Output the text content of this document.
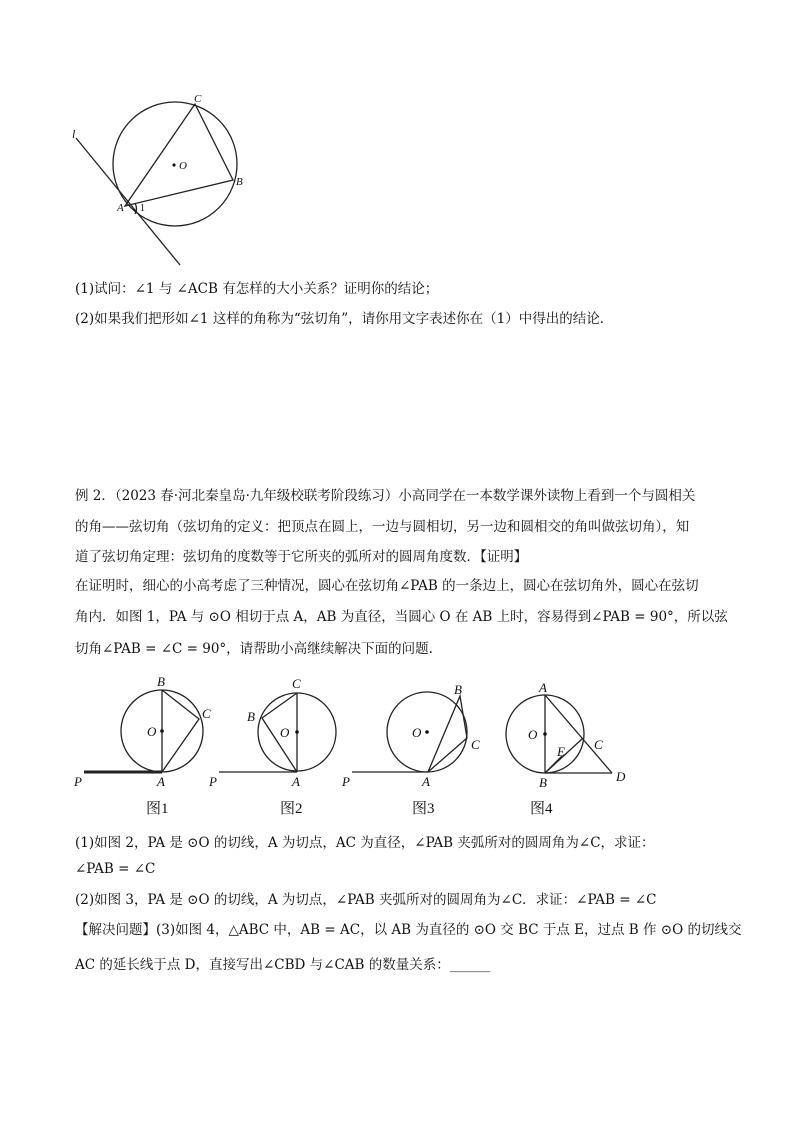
l
C
O
B
A 1
(1)试问：∠1 与 ∠ACB 有怎样的大小关系？证明你的结论；
(2)如果我们把形如∠1 这样的角称为“弦切角”，请你用文字表述你在（1）中得出的结论．
例 2．（2023 春·河北秦皇岛·九年级校联考阶段练习）小高同学在一本数学课外读物上看到一个与圆相关
的角——弦切角（弦切角的定义：把顶点在圆上，一边与圆相切，另一边和圆相交的角叫做弦切角），知
道了弦切角定理：弦切角的度数等于它所夹的弧所对的圆周角度数．【证明】
在证明时，细心的小高考虑了三种情况，圆心在弦切角∠PAB 的一条边上，圆心在弦切角外，圆心在弦切
角内．如图 1，PA 与 ⊙O 相切于点 A，AB 为直径，当圆心 O 在 AB 上时，容易得到∠PAB = 90°，所以弦
切角∠PAB = ∠C = 90°，请帮助小高继续解决下面的问题.
P	A
B
C
O
图1
P	A
C
B
O
图2
P	A
B
C
O
图3
A
O
E C
B	D
图4
(1)如图 2，PA 是 ⊙O 的切线，A 为切点，AC 为直径，∠PAB 夹弧所对的圆周角为∠C，求证：
∠PAB = ∠C
(2)如图 3，PA 是 ⊙O 的切线，A 为切点，∠PAB 夹弧所对的圆周角为∠C．求证：∠PAB = ∠C
【解决问题】(3)如图 4，△ABC 中，AB = AC，以 AB 为直径的 ⊙O 交 BC 于点 E，过点 B 作 ⊙O 的切线交
AC 的延长线于点 D，直接写出∠CBD 与∠CAB 的数量关系：______
